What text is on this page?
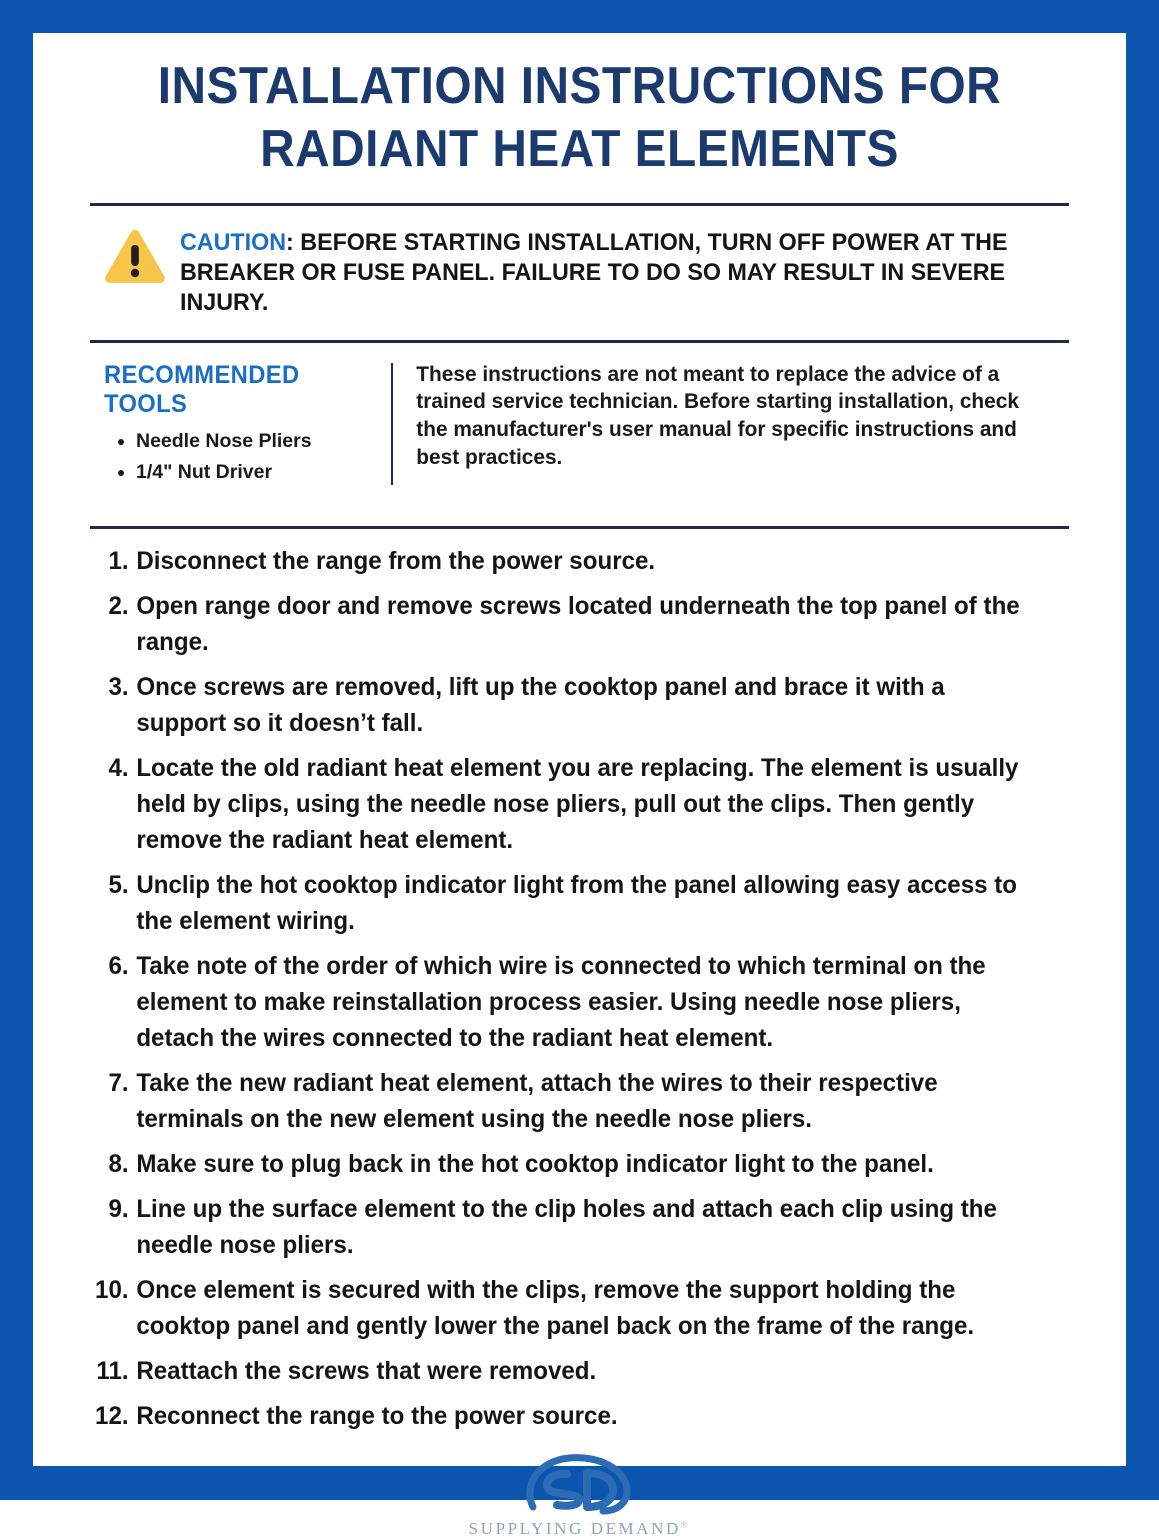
INSTALLATION INSTRUCTIONS FOR
RADIANT HEAT ELEMENTS
CAUTION: BEFORE STARTING INSTALLATION, TURN OFF POWER AT THE BREAKER OR FUSE PANEL. FAILURE TO DO SO MAY RESULT IN SEVERE INJURY.
RECOMMENDED TOOLS
Needle Nose Pliers
1/4" Nut Driver
These instructions are not meant to replace the advice of a trained service technician. Before starting installation, check the manufacturer's user manual for specific instructions and best practices.
Disconnect the range from the power source.
Open range door and remove screws located underneath the top panel of the range.
Once screws are removed, lift up the cooktop panel and brace it with a support so it doesn’t fall.
Locate the old radiant heat element you are replacing. The element is usually held by clips, using the needle nose pliers, pull out the clips. Then gently remove the radiant heat element.
Unclip the hot cooktop indicator light from the panel allowing easy access to the element wiring.
Take note of the order of which wire is connected to which terminal on the element to make reinstallation process easier. Using needle nose pliers, detach the wires connected to the radiant heat element.
Take the new radiant heat element, attach the wires to their respective terminals on the new element using the needle nose pliers.
Make sure to plug back in the hot cooktop indicator light to the panel.
Line up the surface element to the clip holes and attach each clip using the needle nose pliers.
Once element is secured with the clips, remove the support holding the cooktop panel and gently lower the panel back on the frame of the range.
Reattach the screws that were removed.
Reconnect the range to the power source.
SUPPLYING DEMAND®
